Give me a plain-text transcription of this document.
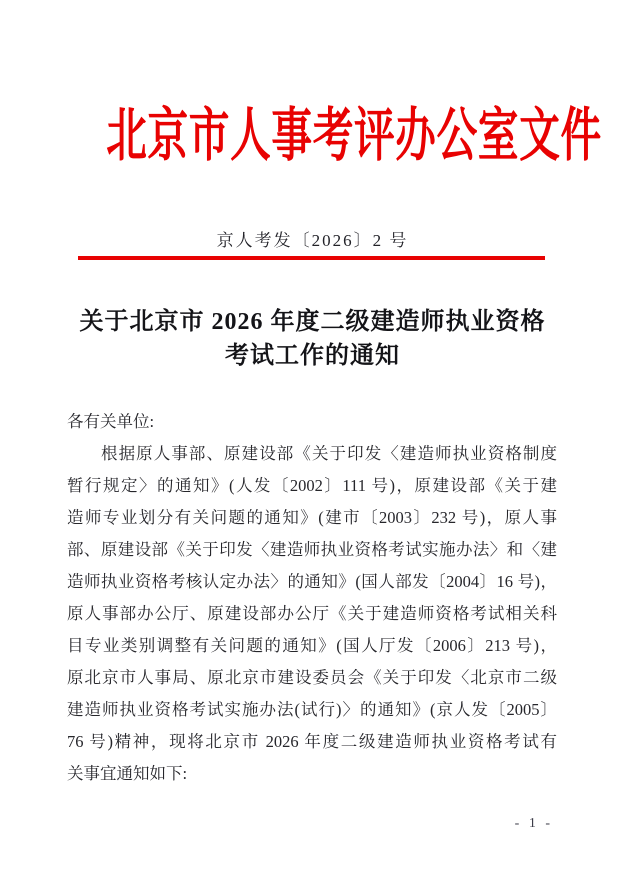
北京市人事考评办公室文件
京人考发〔2026〕2 号
关于北京市 2026 年度二级建造师执业资格
考试工作的通知
各有关单位:
根据原人事部、原建设部《关于印发〈建造师执业资格制度
暂行规定〉的通知》(人发〔2002〕111 号)，原建设部《关于建
造师专业划分有关问题的通知》(建市〔2003〕232 号)，原人事
部、原建设部《关于印发〈建造师执业资格考试实施办法〉和〈建
造师执业资格考核认定办法〉的通知》(国人部发〔2004〕16 号)，
原人事部办公厅、原建设部办公厅《关于建造师资格考试相关科
目专业类别调整有关问题的通知》(国人厅发〔2006〕213 号)，
原北京市人事局、原北京市建设委员会《关于印发〈北京市二级
建造师执业资格考试实施办法(试行)〉的通知》(京人发〔2005〕
76 号)精神，现将北京市 2026 年度二级建造师执业资格考试有
关事宜通知如下:
- 1 -
